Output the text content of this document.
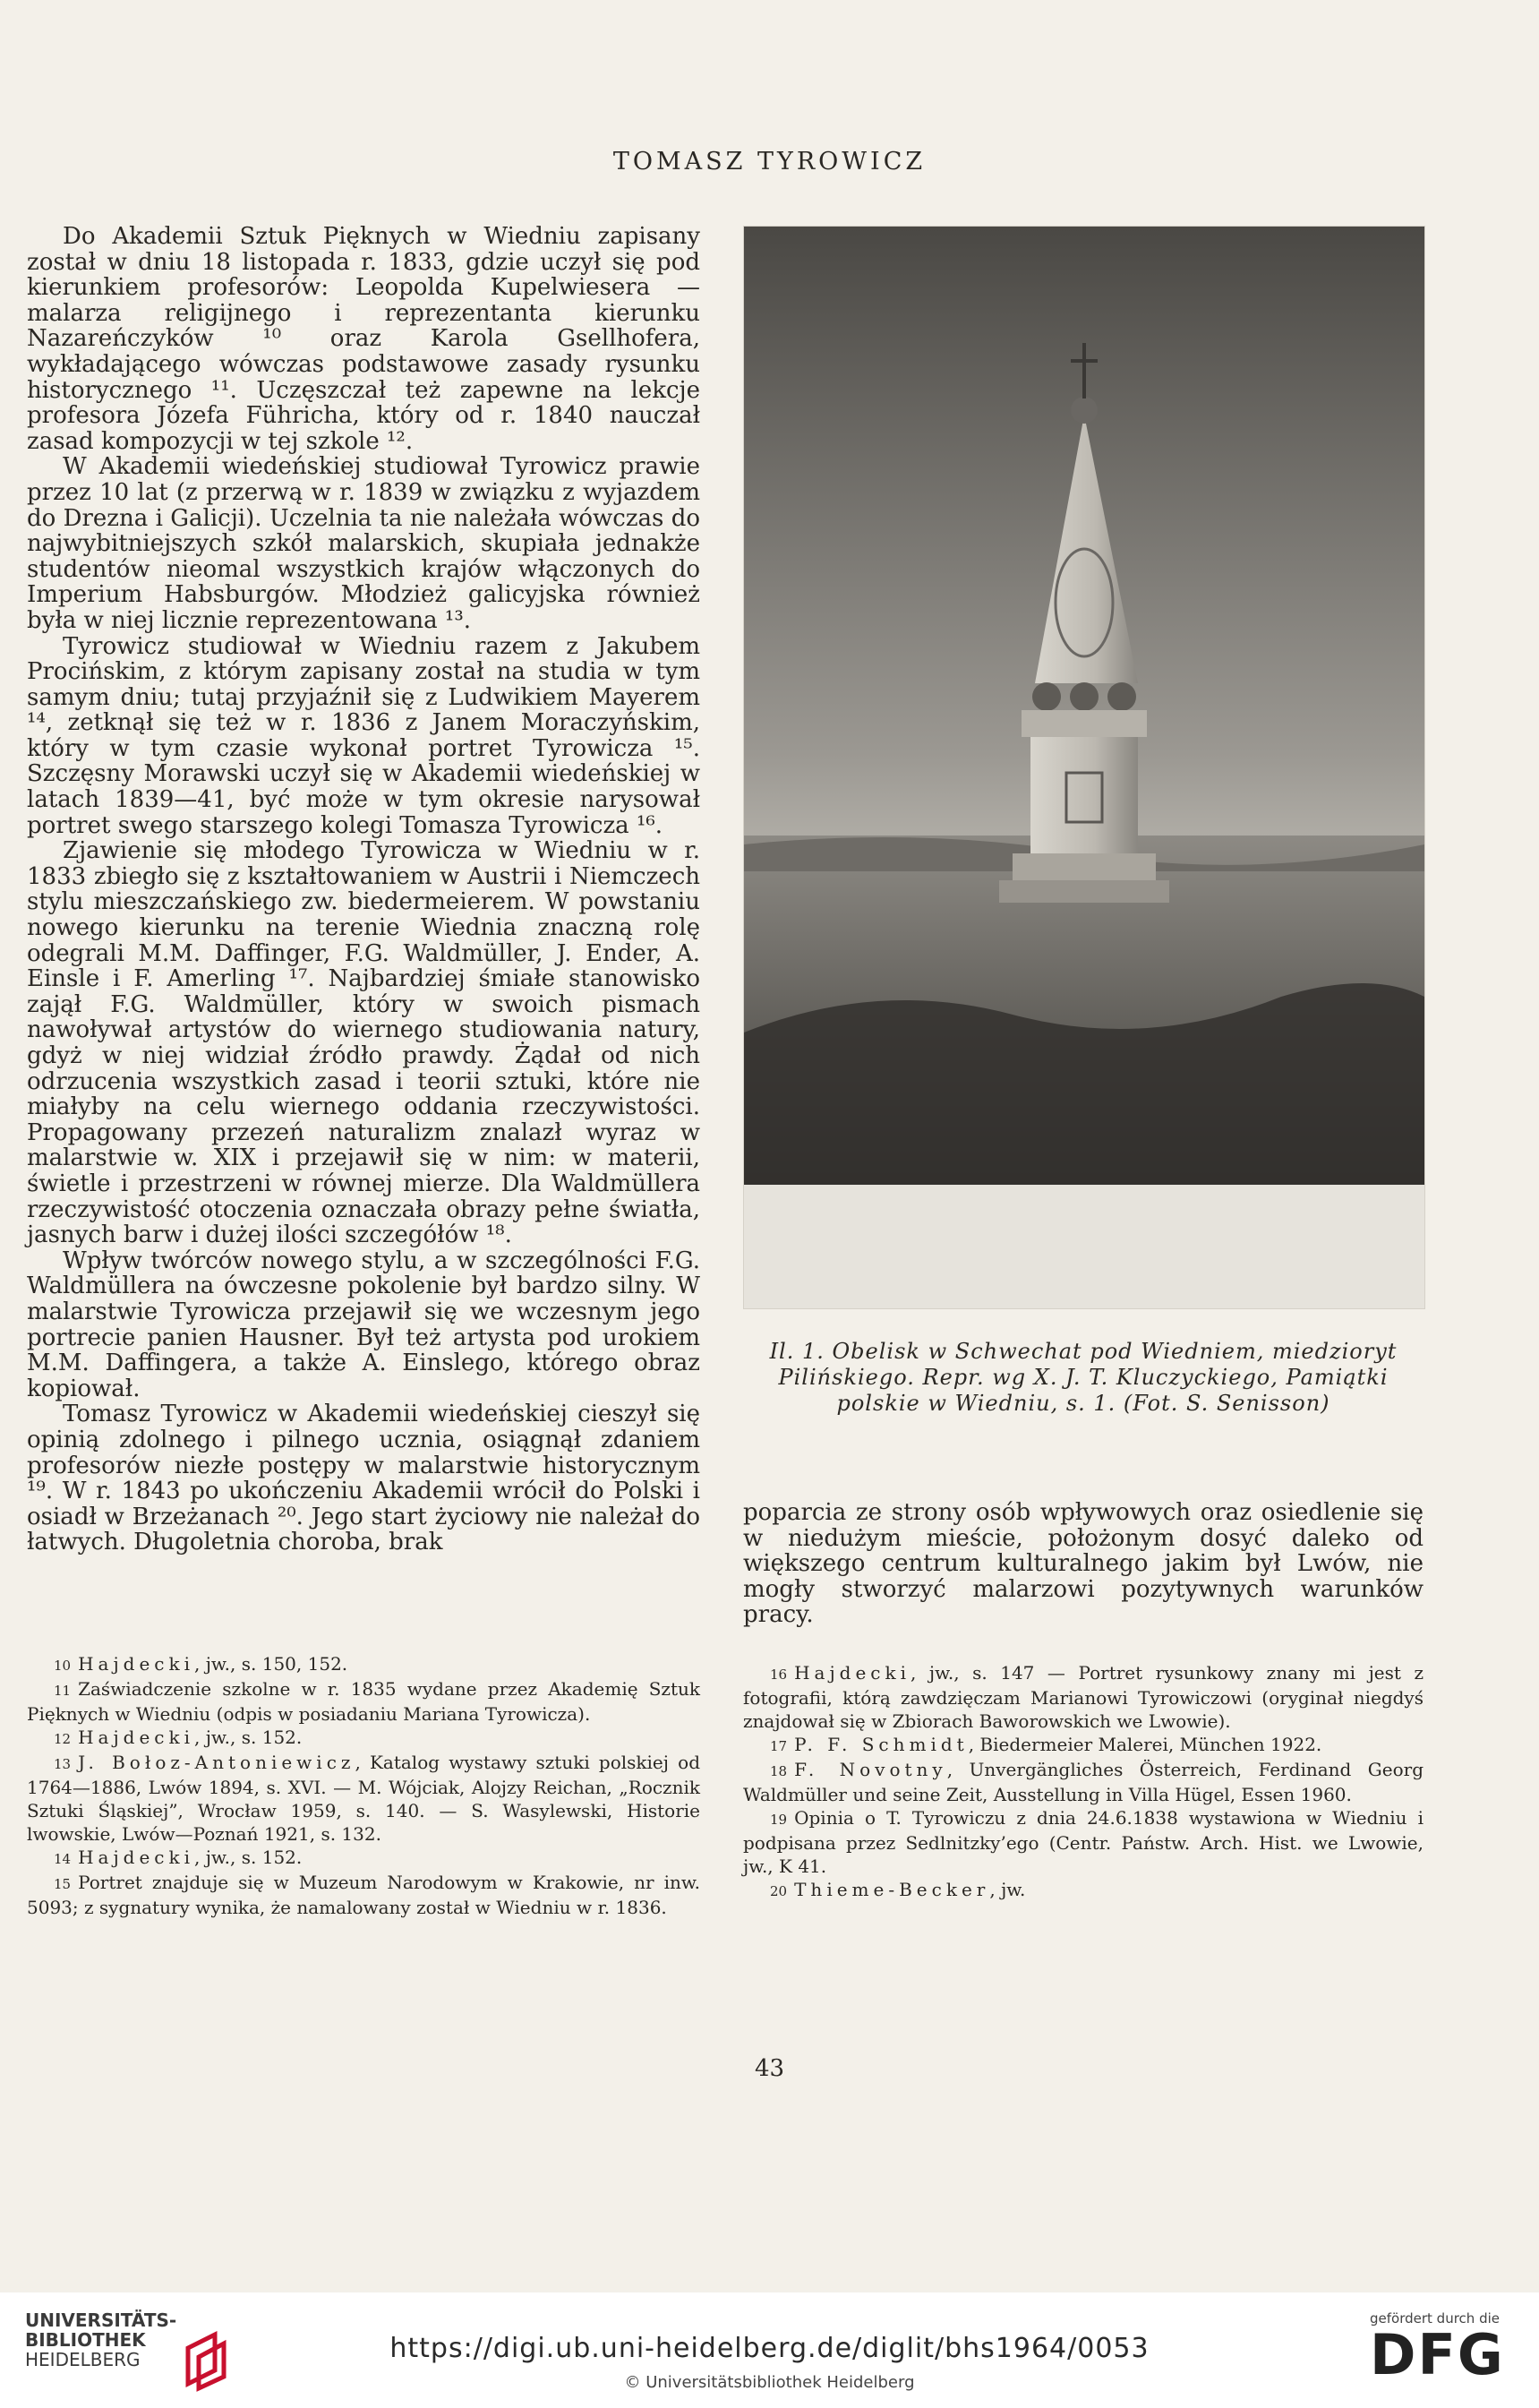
TOMASZ TYROWICZ

Do Akademii Sztuk Pięknych w Wiedniu zapisany został w dniu 18 listopada r. 1833, gdzie uczył się pod kierunkiem profesorów: Leopolda Kupelwiesera — malarza religijnego i reprezentanta kierunku Nazareńczyków ¹⁰ oraz Karola Gsellhofera, wykładającego wówczas podstawowe zasady rysunku historycznego ¹¹. Uczęszczał też zapewne na lekcje profesora Józefa Führicha, który od r. 1840 nauczał zasad kompozycji w tej szkole ¹².

W Akademii wiedeńskiej studiował Tyrowicz prawie przez 10 lat (z przerwą w r. 1839 w związku z wyjazdem do Drezna i Galicji). Uczelnia ta nie należała wówczas do najwybitniejszych szkół malarskich, skupiała jednakże studentów nieomal wszystkich krajów włączonych do Imperium Habsburgów. Młodzież galicyjska również była w niej licznie reprezentowana ¹³.

Tyrowicz studiował w Wiedniu razem z Jakubem Procińskim, z którym zapisany został na studia w tym samym dniu; tutaj przyjaźnił się z Ludwikiem Mayerem ¹⁴, zetknął się też w r. 1836 z Janem Moraczyńskim, który w tym czasie wykonał portret Tyrowicza ¹⁵. Szczęsny Morawski uczył się w Akademii wiedeńskiej w latach 1839—41, być może w tym okresie narysował portret swego starszego kolegi Tomasza Tyrowicza ¹⁶.

Zjawienie się młodego Tyrowicza w Wiedniu w r. 1833 zbiegło się z kształtowaniem w Austrii i Niemczech stylu mieszczańskiego zw. biedermeierem. W powstaniu nowego kierunku na terenie Wiednia znaczną rolę odegrali M.M. Daffinger, F.G. Waldmüller, J. Ender, A. Einsle i F. Amerling ¹⁷. Najbardziej śmiałe stanowisko zajął F.G. Waldmüller, który w swoich pismach nawoływał artystów do wiernego studiowania natury, gdyż w niej widział źródło prawdy. Żądał od nich odrzucenia wszystkich zasad i teorii sztuki, które nie miałyby na celu wiernego oddania rzeczywistości. Propagowany przezeń naturalizm znalazł wyraz w malarstwie w. XIX i przejawił się w nim: w materii, świetle i przestrzeni w równej mierze. Dla Waldmüllera rzeczywistość otoczenia oznaczała obrazy pełne światła, jasnych barw i dużej ilości szczegółów ¹⁸.

Wpływ twórców nowego stylu, a w szczególności F.G. Waldmüllera na ówczesne pokolenie był bardzo silny. W malarstwie Tyrowicza przejawił się we wczesnym jego portrecie panien Hausner. Był też artysta pod urokiem M.M. Daffingera, a także A. Einslego, którego obraz kopiował.

Tomasz Tyrowicz w Akademii wiedeńskiej cieszył się opinią zdolnego i pilnego ucznia, osiągnął zdaniem profesorów niezłe postępy w malarstwie historycznym ¹⁹. W r. 1843 po ukończeniu Akademii wrócił do Polski i osiadł w Brzeżanach ²⁰. Jego start życiowy nie należał do łatwych. Długoletnia choroba, brak

Il. 1. Obelisk w Schwechat pod Wiedniem, miedzioryt Pilińskiego. Repr. wg X. J. T. Kluczyckiego, Pamiątki polskie w Wiedniu, s. 1. (Fot. S. Senisson)

poparcia ze strony osób wpływowych oraz osiedlenie się w niedużym mieście, położonym dosyć daleko od większego centrum kulturalnego jakim był Lwów, nie mogły stworzyć malarzowi pozytywnych warunków pracy.

10 Hajdecki, jw., s. 150, 152.

11 Zaświadczenie szkolne w r. 1835 wydane przez Akademię Sztuk Pięknych w Wiedniu (odpis w posiadaniu Mariana Tyrowicza).

12 Hajdecki, jw., s. 152.

13 J. Bołoz-Antoniewicz, Katalog wystawy sztuki polskiej od 1764—1886, Lwów 1894, s. XVI. — M. Wójciak, Alojzy Reichan, „Rocznik Sztuki Śląskiej”, Wrocław 1959, s. 140. — S. Wasylewski, Historie lwowskie, Lwów—Poznań 1921, s. 132.

14 Hajdecki, jw., s. 152.

15 Portret znajduje się w Muzeum Narodowym w Krakowie, nr inw. 5093; z sygnatury wynika, że namalowany został w Wiedniu w r. 1836.

16 Hajdecki, jw., s. 147 — Portret rysunkowy znany mi jest z fotografii, którą zawdzięczam Marianowi Tyrowiczowi (oryginał niegdyś znajdował się w Zbiorach Baworowskich we Lwowie).

17 P. F. Schmidt, Biedermeier Malerei, München 1922.

18 F. Novotny, Unvergängliches Österreich, Ferdinand Georg Waldmüller und seine Zeit, Ausstellung in Villa Hügel, Essen 1960.

19 Opinia o T. Tyrowiczu z dnia 24.6.1838 wystawiona w Wiedniu i podpisana przez Sedlnitzky’ego (Centr. Państw. Arch. Hist. we Lwowie, jw., K 41.

20 Thieme-Becker, jw.

43
UNIVERSITÄTS-
BIBLIOTHEK
HEIDELBERG	https://digi.ub.uni-heidelberg.de/diglit/bhs1964/0053
© Universitätsbibliothek Heidelberg
gefördert durch die
DFG
